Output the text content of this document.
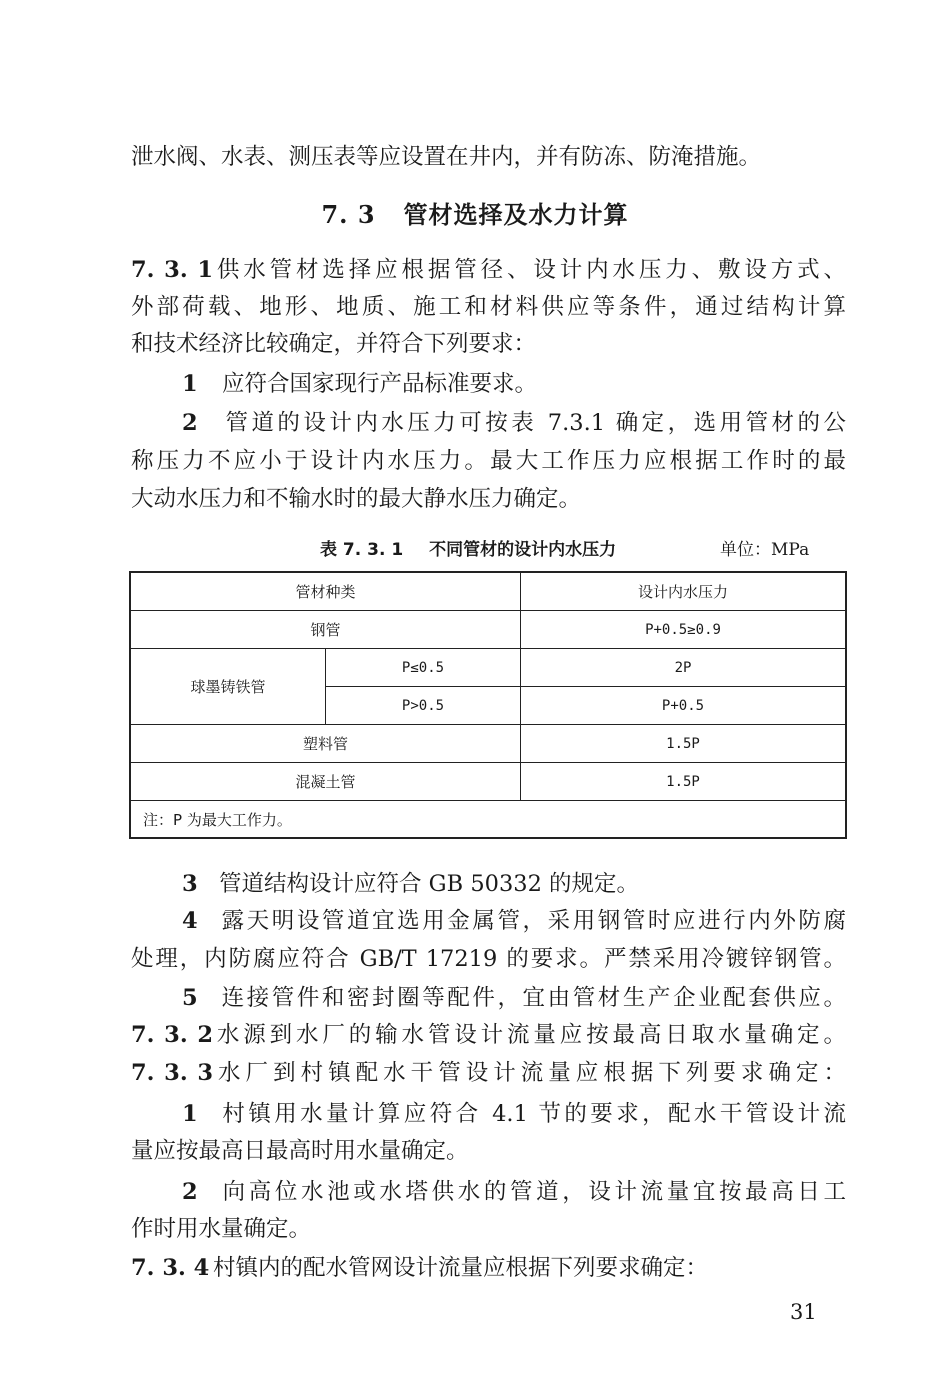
泄水阀、水表、测压表等应设置在井内，并有防冻、防淹措施。
7. 3 管材选择及水力计算
7. 3. 1供水管材选择应根据管径、设计内水压力、敷设方式、
外部荷载、地形、地质、施工和材料供应等条件，通过结构计算
和技术经济比较确定，并符合下列要求：
1 应符合国家现行产品标准要求。
2 管道的设计内水压力可按表 7.3.1 确定，选用管材的公
称压力不应小于设计内水压力。最大工作压力应根据工作时的最
大动水压力和不输水时的最大静水压力确定。
表 7. 3. 1 不同管材的设计内水压力	单位：MPa
管材种类		设计内水压力
钢管		P+0.5≥0.9
球墨铸铁管	P≤0.5	2P
	P>0.5	P+0.5
塑料管		1.5P
混凝土管		1.5P
注：P 为最大工作力。		
3 管道结构设计应符合 GB 50332 的规定。
4 露天明设管道宜选用金属管，采用钢管时应进行内外防腐
处理，内防腐应符合 GB/T 17219 的要求。严禁采用冷镀锌钢管。
5 连接管件和密封圈等配件，宜由管材生产企业配套供应。
7. 3. 2水源到水厂的输水管设计流量应按最高日取水量确定。
7. 3. 3水厂到村镇配水干管设计流量应根据下列要求确定：
1 村镇用水量计算应符合 4.1 节的要求，配水干管设计流
量应按最高日最高时用水量确定。
2 向高位水池或水塔供水的管道，设计流量宜按最高日工
作时用水量确定。
7. 3. 4 村镇内的配水管网设计流量应根据下列要求确定：
31
